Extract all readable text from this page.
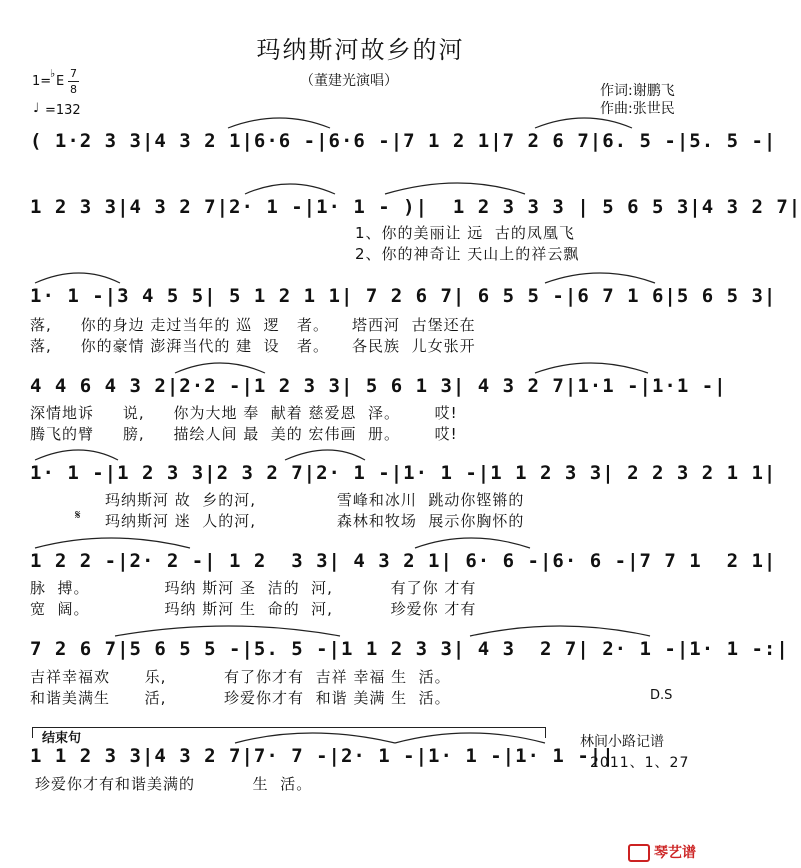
玛纳斯河故乡的河
（董建光演唱）
作词:谢鹏飞
作曲:张世民
1=
♭
E
7
8
♩ =132
( 1·2 3 3|4 3 2 1|6·6 -|6·6 -|7 1 2 1|7 2 6 7|6. 5 -|5. 5 -|
1 2 3 3|4 3 2 7|2· 1 -|1· 1 - )|  1 2 3 3 3 | 5 6 5 3|4 3 2 7|
1· 1 -|3 4 5 5| 5 1 2 1 1| 7 2 6 7| 6 5 5 -|6 7 1 6|5 6 5 3|
4 4 6 4 3 2|2·2 -|1 2 3 3| 5 6 1 3| 4 3 2 7|1·1 -|1·1 -|
1· 1 -|1 2 3 3|2 3 2 7|2· 1 -|1· 1 -|1 1 2 3 3| 2 2 3 2 1 1|
1 2 2 -|2· 2 -| 1 2  3 3| 4 3 2 1| 6· 6 -|6· 6 -|7 7 1  2 1|
7 2 6 7|5 6 5 5 -|5. 5 -|1 1 2 3 3| 4 3  2 7| 2· 1 -|1· 1 -:|
1 1 2 3 3|4 3 2 7|7· 7 -|2· 1 -|1· 1 -|1· 1 -||
1、你的美丽让 远  古的凤凰飞
2、你的神奇让 天山上的祥云飘
落,     你的身边 走过当年的 巡  逻   者。    塔西河  古堡还在
落,     你的豪情 澎湃当代的 建  设   者。    各民族  儿女张开
深情地诉     说,     你为大地 奉  献着 慈爱恩  泽。      哎!
腾飞的臂     膀,     描绘人间 最  美的 宏伟画  册。      哎!
玛纳斯河 故  乡的河,              雪峰和冰川  跳动你铿锵的
𝄋 玛纳斯河 迷  人的河,              森林和牧场  展示你胸怀的
脉  搏。             玛纳 斯河 圣  洁的  河,          有了你 才有
宽  阔。             玛纳 斯河 生  命的  河,          珍爱你 才有
吉祥幸福欢      乐,          有了你才有  吉祥 幸福 生  活。
和谐美满生      活,          珍爱你才有  和谐 美满 生  活。	D.S
结束句
珍爱你才有和谐美满的          生  活。
林间小路记谱
2011、1、27
琴艺谱
